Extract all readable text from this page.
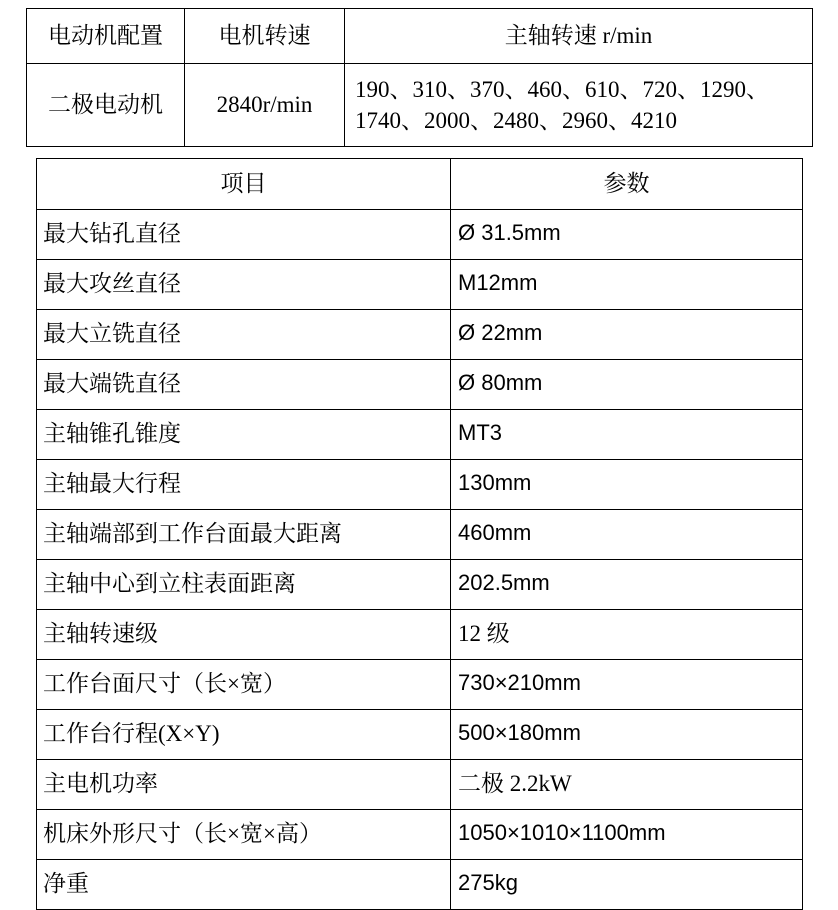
电动机配置	电机转速	主轴转速 r/min
二极电动机	2840r/min	190、310、370、460、610、720、1290、
1740、2000、2480、2960、4210
项目	参数
最大钻孔直径	Ø 31.5mm
最大攻丝直径	M12mm
最大立铣直径	Ø 22mm
最大端铣直径	Ø 80mm
主轴锥孔锥度	MT3
主轴最大行程	130mm
主轴端部到工作台面最大距离	460mm
主轴中心到立柱表面距离	202.5mm
主轴转速级	12 级
工作台面尺寸（长×宽）	730×210mm
工作台行程(X×Y)	500×180mm
主电机功率	二极 2.2kW
机床外形尺寸（长×宽×高）	1050×1010×1100mm
净重	275kg
